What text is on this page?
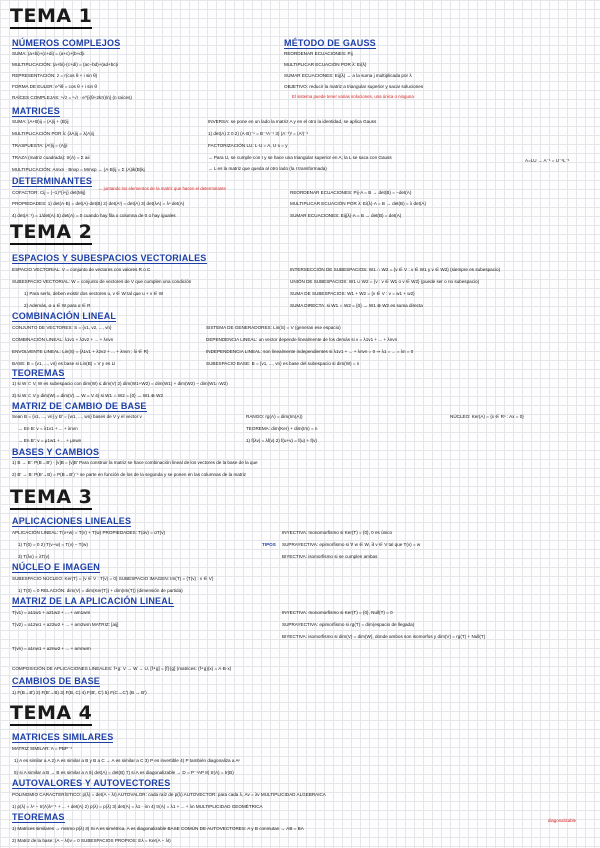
TEMA 1
NÚMEROS COMPLEJOS
SUMA: (a+bi)+(c+di) = (a+c)+(b+d)i
MULTIPLICACIÓN: (a+bi)·(c+di) = (ac−bd)+(ad+bc)i
REPRESENTACIÓN: z = r(cos θ + i sin θ)
FORMA DE EULER: e^iθ = cos θ + i sin θ
RAÍCES COMPLEJAS: ⁿ√z = ⁿ√r · e^{i(θ+2kπ)/n} (n raíces)
MÉTODO DE GAUSS
REORDENAR ECUACIONES: Pij
MULTIPLICAR ECUACIÓN POR λ: Ei(λ)
SUMAR ECUACIONES: Eij(λ) → a la suma j multiplicada por λ
OBJETIVO: reducir la matriz a triangular superior y sacar soluciones
El sistema puede tener varias soluciones, una única o ninguna
MATRICES
SUMA: (A+B)ij = (A)ij + (B)ij
MULTIPLICACIÓN POR λ: (λA)ij = λ(A)ij
TRASPUESTA: (Aᵗ)ij = (A)ji
TRAZA (matriz cuadrada): tr(A) = Σ aii
MULTIPLICACIÓN: Amxn · Bnxp = Mmxp → (A·B)ij = Σ (A)ik(B)kj
INVERSA: se pone en un lado la matriz A y en el otro la identidad, se aplica Gauss
1) det(A) ≠ 0 2) (A·B)⁻¹ = B⁻¹A⁻¹ 3) (A⁻¹)ᵗ = (Aᵗ)⁻¹
FACTORIZACIÓN LU: L·U = A, U·x = y
→ Para U, se cumple con I y se hace una triangular superior en A; la L se saca con Gauss
→ L es la matriz que queda al otro lado (la I transformada)
A=LU → A⁻¹ = U⁻¹L⁻¹
DETERMINANTES
COFACTOR: Cij = (−1)^{i+j} det(Mij)
→ juntando los elementos de la matriz que hacen el determinante
PROPIEDADES: 1) det(A·B) = det(A)·det(B) 2) det(Aᵗ) = det(A) 3) det(λA) = λⁿ det(A)
4) det(A⁻¹) = 1/det(A) 5) det(A) = 0 cuando hay fila o columna de 0 o hay iguales
REORDENAR ECUACIONES: Pij·A = B → det(B) = −det(A)
MULTIPLICAR ECUACIÓN POR λ: Ei(λ)·A = B → det(B) = λ det(A)
SUMAR ECUACIONES: Eij(λ)·A = B → det(B) = det(A)
TEMA 2
ESPACIOS Y SUBESPACIOS VECTORIALES
ESPACIO VECTORIAL: V = conjunto de vectores con valores R o C
SUBESPACIO VECTORIAL: W = conjunto de vectores de V que cumplen una condición
1) Para serlo, deben existir dos vectores u, v ∈ W tal que u + v ∈ W
2) Además, α·u ∈ W para α ∈ R
INTERSECCIÓN DE SUBESPACIOS: W1 ∩ W2 = {v ∈ V : v ∈ W1 y v ∈ W2} (siempre es subespacio)
UNIÓN DE SUBESPACIOS: W1 ∪ W2 = {v : v ∈ W1 o v ∈ W2} (puede ser o no subespacio)
SUMA DE SUBESPACIOS: W1 + W2 = {v ∈ V : v = w1 + w2}
SUMA DIRECTA: si W1 ∩ W2 = {0} → W1 ⊕ W2 es suma directa
COMBINACIÓN LINEAL
CONJUNTO DE VECTORES: S = {v1, v2, ..., vn}
COMBINACIÓN LINEAL: λ1v1 + λ2v2 + ... + λnvn
ENVOLVENTE LINEAL: Lin(S) = {λ1v1 + λ2v2 + ... + λnvn ; λi ∈ R}
BASE: B = {v1, ..., vn} es base si Lin(B) = V y es LI
SISTEMA DE GENERADORES: Lin(S) = V (generan ese espacio)
DEPENDENCIA LINEAL: un vector depende linealmente de los demás si v = λ1v1 + ... + λnvn
INDEPENDENCIA LINEAL: son linealmente independientes si λ1v1 + ... + λnvn = 0 ⇒ λ1 = ... = λn = 0
SUBESPACIO BASE: B = {v1, ..., vn} es base del subespacio si dim(W) = n
TEOREMAS
1) si W ⊂ V, W es subespacio con dim(W) ≤ dim(V) 2) dim(W1+W2) = dim(W1) + dim(W2) − dim(W1∩W2)
3) si W ⊂ V y dim(W) = dim(V) → W = V 4) si W1 ∩ W2 = {0} → W1 ⊕ W2
MATRIZ DE CAMBIO DE BASE
Sean B = {v1, ..., vn} y B' = {w1, ..., wn} bases de V y el vector v
→ En B: v = λ1v1 + ... + λnvn
→ En B': v = μ1w1 + ... + μnwn
RANGO: rg(A) = dim(Im(A))
TEOREMA: dim(Ker) + dim(Im) = n
1) f(λv) = λf(v) 2) f(u+v) = f(u) + f(v)
NÚCLEO: Ker(A) = {x ∈ Rⁿ : Ax = 0}
BASES Y CAMBIOS
1) B → B': P(B→B') · [v]B = [v]B' Para construir la matriz se hace combinación lineal de los vectores de la base de la que
2) B' → B: P(B'→B) = P(B→B')⁻¹ se parte en función de los de la segunda y se ponen en las columnas de la matriz
TEMA 3
APLICACIONES LINEALES
APLICACIÓN LINEAL: T(v+w) = T(v) + T(w) PROPIEDADES: T(αv) = αT(v)
1) T(0) = 0 2) T(v−w) = T(v) − T(w)
3) T(λv) = λT(v)
TIPOS
INYECTIVA: monomorfismo si Ker(T) = {0}, 0 es único
SUPRAYECTIVA: epimorfismo si ∀ w ∈ W, ∃ v ∈ V tal que T(v) = w
BIYECTIVA: isomorfismo si se cumplen ambas
NÚCLEO E IMAGEN
SUBESPACIO NÚCLEO: Ker(T) = {v ∈ V : T(v) = 0} SUBESPACIO IMAGEN: Im(T) = {T(v) : v ∈ V}
1) T(0) = 0 RELACIÓN: dim(V) = dim(Ker(T)) + dim(Im(T)) (dimensión de partida)
MATRIZ DE LA APLICACIÓN LINEAL
T(v1) = a11w1 + a21w2 + ... + am1wm
T(v2) = a12w1 + a22w2 + ... + am2wm MATRIZ: [aij]
T(vn) = a1nw1 + a2nw2 + ... + amnwm
INYECTIVA: monomorfismo si Ker(T) = {0}, Null(T) = 0
SUPRAYECTIVA: epimorfismo si rg(T) = dim(espacio de llegada)
BIYECTIVA: isomorfismo si dim(V) = dim(W), donde ambos son isomorfos y dim(V) = rg(T) + Null(T)
COMPOSICIÓN DE APLICACIONES LINEALES: f∘g: V → W → U, [f∘g] = [f]·[g] (matrices: (f∘g)(x) = A·B·x)
CAMBIOS DE BASE
1) F(B→B') 2) F(B'→B) 3) F(B, C) 4) F(B', C') 5) F(C→C') (B → B')
TEMA 4
MATRICES SIMILARES
MATRIZ SIMILAR: A = PBP⁻¹
1) A es similar a A 2) A es similar a B y B a C → A es similar a C 3) P es invertible 4) P también diagonaliza a Aⁿ
5) si A similar a B → B es similar a A 6) det(A) = det(B) 7) si A es diagonalizable → D = P⁻¹AP 8) tr(A) = tr(B)
AUTOVALORES Y AUTOVECTORES
POLINOMIO CARACTERÍSTICO: p(λ) = det(A − λI) AUTOVALOR: cada raíz de p(λ) AUTOVECTOR: para cada λ, Av = λv MULTIPLICIDAD ALGEBRAICA
1) p(λ) = λⁿ − tr(A)λⁿ⁻¹ + ... + det(A) 2) p(λ) = p(λ) 3) det(A) = λ1···λn 4) tr(A) = λ1 + ... + λn MULTIPLICIDAD GEOMÉTRICA
TEOREMAS
1) Matrices similares → mismo p(λ) 3) Si A es simétrica, A es diagonalizable BASE COMÚN DE AUTOVECTORES: A y B conmutan → AB = BA
2) Matriz de la base: (A − λI)v = 0 SUBESPACIOS PROPIOS: Eλ = Ker(A − λI)
diagonalizable
